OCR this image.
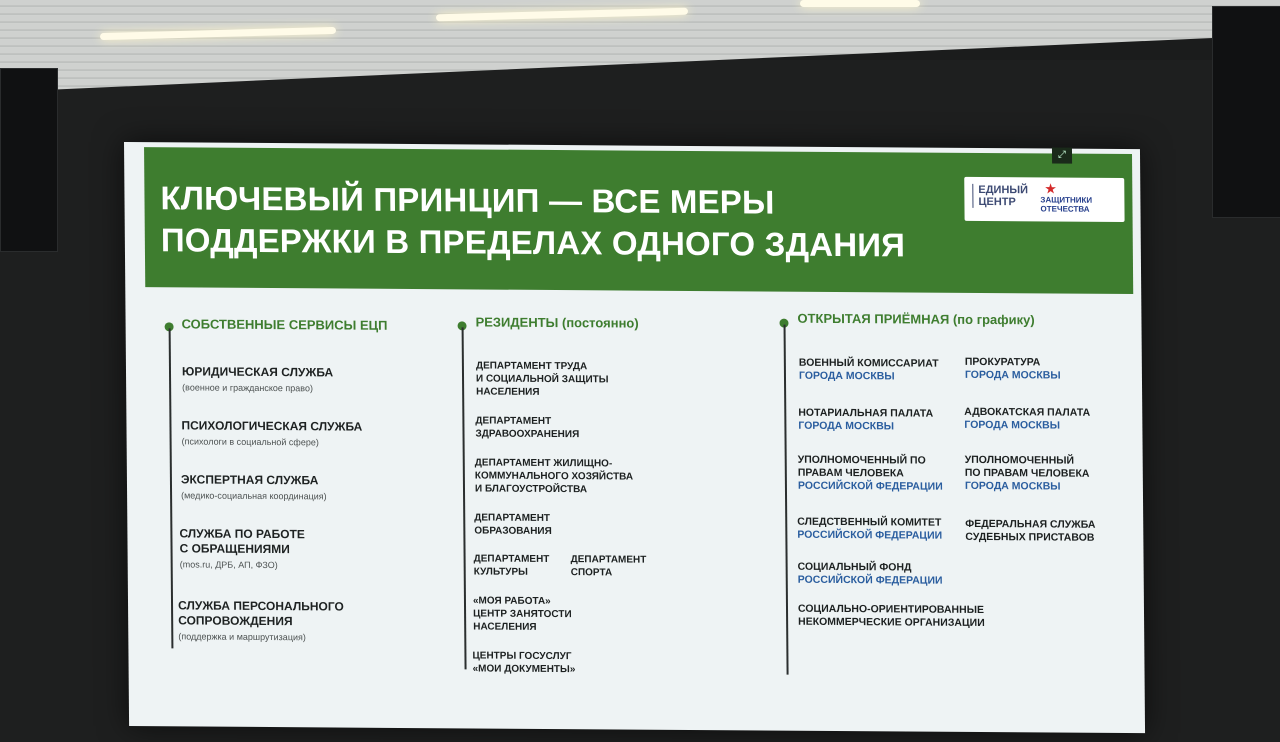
КЛЮЧЕВЫЙ ПРИНЦИП — ВСЕ МЕРЫ
ПОДДЕРЖКИ В ПРЕДЕЛАХ ОДНОГО ЗДАНИЯ
⤢
ЕДИНЫЙ
ЦЕНТР
★
ЗАЩИТНИКИ
ОТЕЧЕСТВА
СОБСТВЕННЫЕ СЕРВИСЫ ЕЦП
ЮРИДИЧЕСКАЯ СЛУЖБА
(военное и гражданское право)
ПСИХОЛОГИЧЕСКАЯ СЛУЖБА
(психологи в социальной сфере)
ЭКСПЕРТНАЯ СЛУЖБА
(медико-социальная координация)
СЛУЖБА ПО РАБОТЕ
С ОБРАЩЕНИЯМИ
(mos.ru, ДРБ, АП, ФЗО)
СЛУЖБА ПЕРСОНАЛЬНОГО
СОПРОВОЖДЕНИЯ
(поддержка и маршрутизация)
РЕЗИДЕНТЫ (постоянно)
ДЕПАРТАМЕНТ ТРУДА
И СОЦИАЛЬНОЙ ЗАЩИТЫ
НАСЕЛЕНИЯ
ДЕПАРТАМЕНТ
ЗДРАВООХРАНЕНИЯ
ДЕПАРТАМЕНТ ЖИЛИЩНО-
КОММУНАЛЬНОГО ХОЗЯЙСТВА
И БЛАГОУСТРОЙСТВА
ДЕПАРТАМЕНТ
ОБРАЗОВАНИЯ
ДЕПАРТАМЕНТ
КУЛЬТУРЫ
ДЕПАРТАМЕНТ
СПОРТА
«МОЯ РАБОТА»
ЦЕНТР ЗАНЯТОСТИ
НАСЕЛЕНИЯ
ЦЕНТРЫ ГОСУСЛУГ
«МОИ ДОКУМЕНТЫ»
ОТКРЫТАЯ ПРИЁМНАЯ (по графику)
ВОЕННЫЙ КОМИССАРИАТ
ГОРОДА МОСКВЫ
ПРОКУРАТУРА
ГОРОДА МОСКВЫ
НОТАРИАЛЬНАЯ ПАЛАТА
ГОРОДА МОСКВЫ
АДВОКАТСКАЯ ПАЛАТА
ГОРОДА МОСКВЫ
УПОЛНОМОЧЕННЫЙ ПО
ПРАВАМ ЧЕЛОВЕКА
РОССИЙСКОЙ ФЕДЕРАЦИИ
УПОЛНОМОЧЕННЫЙ
ПО ПРАВАМ ЧЕЛОВЕКА
ГОРОДА МОСКВЫ
СЛЕДСТВЕННЫЙ КОМИТЕТ
РОССИЙСКОЙ ФЕДЕРАЦИИ
ФЕДЕРАЛЬНАЯ СЛУЖБА
СУДЕБНЫХ ПРИСТАВОВ
СОЦИАЛЬНЫЙ ФОНД
РОССИЙСКОЙ ФЕДЕРАЦИИ
СОЦИАЛЬНО-ОРИЕНТИРОВАННЫЕ
НЕКОММЕРЧЕСКИЕ ОРГАНИЗАЦИИ
